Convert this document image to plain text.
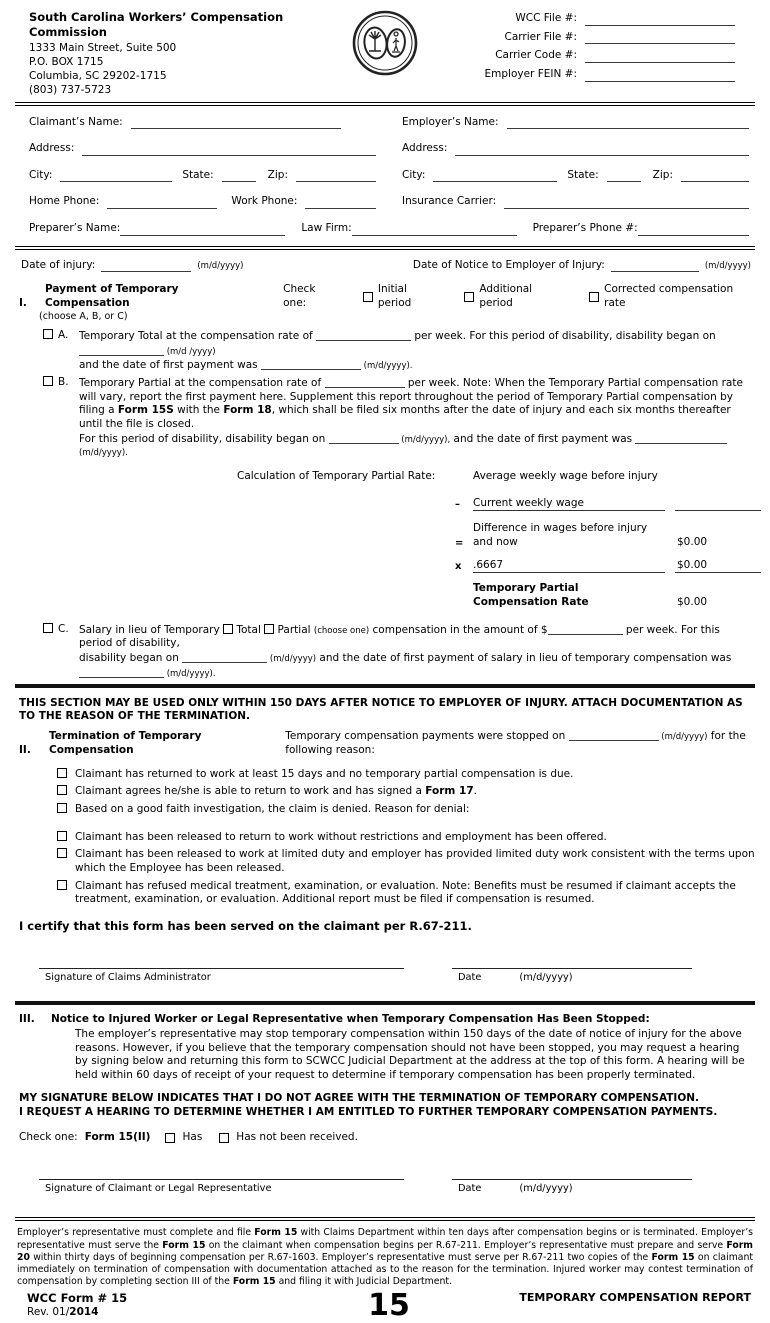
South Carolina Workers’ Compensation Commission
1333 Main Street, Suite 500
P.O. BOX 1715
Columbia, SC 29202-1715
(803) 737-5723
WCC File #:
Carrier File #:
Carrier Code #:
Employer FEIN #:
Claimant’s Name:
Address:
City:	State:	Zip:
Home Phone:	Work Phone:
Employer’s Name:
Address:
City:	State:	Zip:
Insurance Carrier:
Preparer’s Name:	Law Firm:	Preparer’s Phone #:
Date of injury:	(m/d/yyyy)	Date of Notice to Employer of Injury:	(m/d/yyyy)
I.
Payment of Temporary Compensation
Check one:
Initial period
Additional period
Corrected compensation rate
(choose A, B, or C)
A.	Temporary Total at the compensation rate of	per week. For this period of disability, disability began on  (m/d /yyyy)
and the date of first payment was	(m/d/yyyy).
B. Temporary Partial at the compensation rate of	per week. Note: When the Temporary Partial compensation rate will vary, report the first payment here. Supplement this report throughout the period of Temporary Partial compensation by filing a Form 15S with the Form 18, which shall be filed six months after the date of injury and each six months thereafter until the file is closed.
For this period of disability, disability began on	(m/d/yyyy), and the date of first payment was  (m/d/yyyy).
Calculation of Temporary Partial Rate:	Average weekly wage before injury
–	Current weekly wage
=
Difference in wages before injury and now	$0.00
x	.6667	$0.00
Temporary Partial Compensation Rate	$0.00
C. Salary in lieu of Temporary  Total  Partial (choose one) compensation in the amount of $	per week. For this period of disability,
disability began on	(m/d/yyyy) and the date of first payment of salary in lieu of temporary compensation was  (m/d/yyyy).
THIS SECTION MAY BE USED ONLY WITHIN 150 DAYS AFTER NOTICE TO EMPLOYER OF INJURY. ATTACH DOCUMENTATION AS TO THE REASON OF THE TERMINATION.
II.
Termination of Temporary Compensation
Temporary compensation payments were stopped on	(m/d/yyyy) for the following reason:
Claimant has returned to work at least 15 days and no temporary partial compensation is due.
Claimant agrees he/she is able to return to work and has signed a Form 17.
Based on a good faith investigation, the claim is denied. Reason for denial:
Claimant has been released to return to work without restrictions and employment has been offered.
Claimant has been released to work at limited duty and employer has provided limited duty work consistent with the terms upon which the Employee has been released.
Claimant has refused medical treatment, examination, or evaluation. Note: Benefits must be resumed if claimant accepts the treatment, examination, or evaluation. Additional report must be filed if compensation is resumed.
I certify that this form has been served on the claimant per R.67-211.
Signature of Claims Administrator	Date	(m/d/yyyy)
III.	Notice to Injured Worker or Legal Representative when Temporary Compensation Has Been Stopped:
The employer’s representative may stop temporary compensation within 150 days of the date of notice of injury for the above reasons. However, if you believe that the temporary compensation should not have been stopped, you may request a hearing by signing below and returning this form to SCWCC Judicial Department at the address at the top of this form. A hearing will be held within 60 days of receipt of your request to determine if temporary compensation has been properly terminated.
MY SIGNATURE BELOW INDICATES THAT I DO NOT AGREE WITH THE TERMINATION OF TEMPORARY COMPENSATION.
I REQUEST A HEARING TO DETERMINE WHETHER I AM ENTITLED TO FURTHER TEMPORARY COMPENSATION PAYMENTS.
Check one: Form 15(II)	Has	Has not been received.
Signature of Claimant or Legal Representative	Date	(m/d/yyyy)
Employer’s representative must complete and file Form 15 with Claims Department within ten days after compensation begins or is terminated. Employer’s representative must serve the Form 15 on the claimant when compensation begins per R.67-211. Employer’s representative must prepare and serve Form 20 within thirty days of beginning compensation per R.67-1603. Employer’s representative must serve per R.67-211 two copies of the Form 15 on claimant immediately on termination of compensation with documentation attached as to the reason for the termination. Injured worker may contest termination of compensation by completing section III of the Form 15 and filing it with Judicial Department.
WCC Form # 15
Rev. 01/2014	15	TEMPORARY COMPENSATION REPORT
